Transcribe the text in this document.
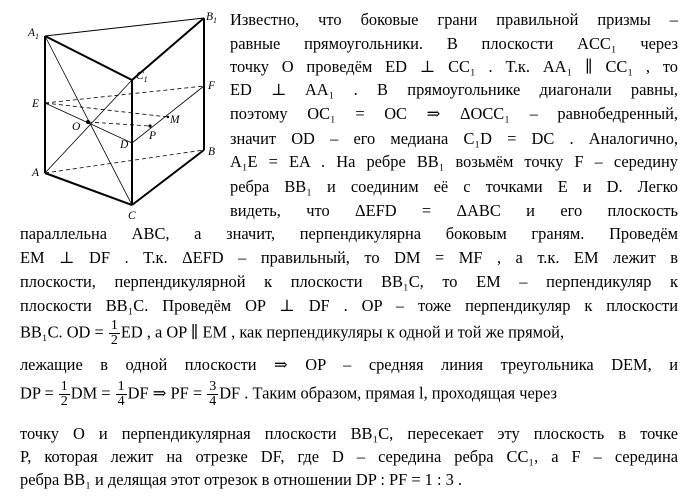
$A_1$
$B_1$
$C_1$
E
F
M
O
P
D
A
B
C
Известно, что боковые грани правильной призмы –
равные прямоугольники. В плоскости ACC₁ через
точку O проведём ED ⊥ CC₁ . Т.к. AA₁ ∥ CC₁ , то
ED ⊥ AA₁ . В прямоугольнике диагонали равны,
поэтому OC₁ = OC ⇒ ΔOCC₁ – равнобедренный,
значит OD – его медиана C₁D = DC . Аналогично,
A₁E = EA . На ребре BB₁ возьмём точку F – середину
ребра BB₁ и соединим её с точками E и D. Легко
видеть, что ΔEFD = ΔABC и его плоскость
параллельна ABC, а значит, перпендикулярна боковым граням. Проведём
EM ⊥ DF . Т.к. ΔEFD – правильный, то DM = MF , а т.к. EM лежит в
плоскости, перпендикулярной к плоскости BB₁C, то EM – перпендикуляр к
плоскости BB₁C. Проведём OP ⊥ DF . OP – тоже перпендикуляр к плоскости
BB₁C. OD = $\frac{1}{2}$ ED , а OP ∥ EM , как перпендикуляры к одной и той же прямой,
лежащие в одной плоскости ⇒ OP – средняя линия треугольника DEM, и
DP = $\frac{1}{2}$ DM = $\frac{1}{4}$ DF ⇒ PF = $\frac{3}{4}$ DF . Таким образом, прямая l, проходящая через
точку O и перпендикулярная плоскости BB₁C, пересекает эту плоскость в точке
P, которая лежит на отрезке DF, где D – середина ребра CC₁, а F – середина
ребра BB₁ и делящая этот отрезок в отношении DP : PF = 1 : 3 .
